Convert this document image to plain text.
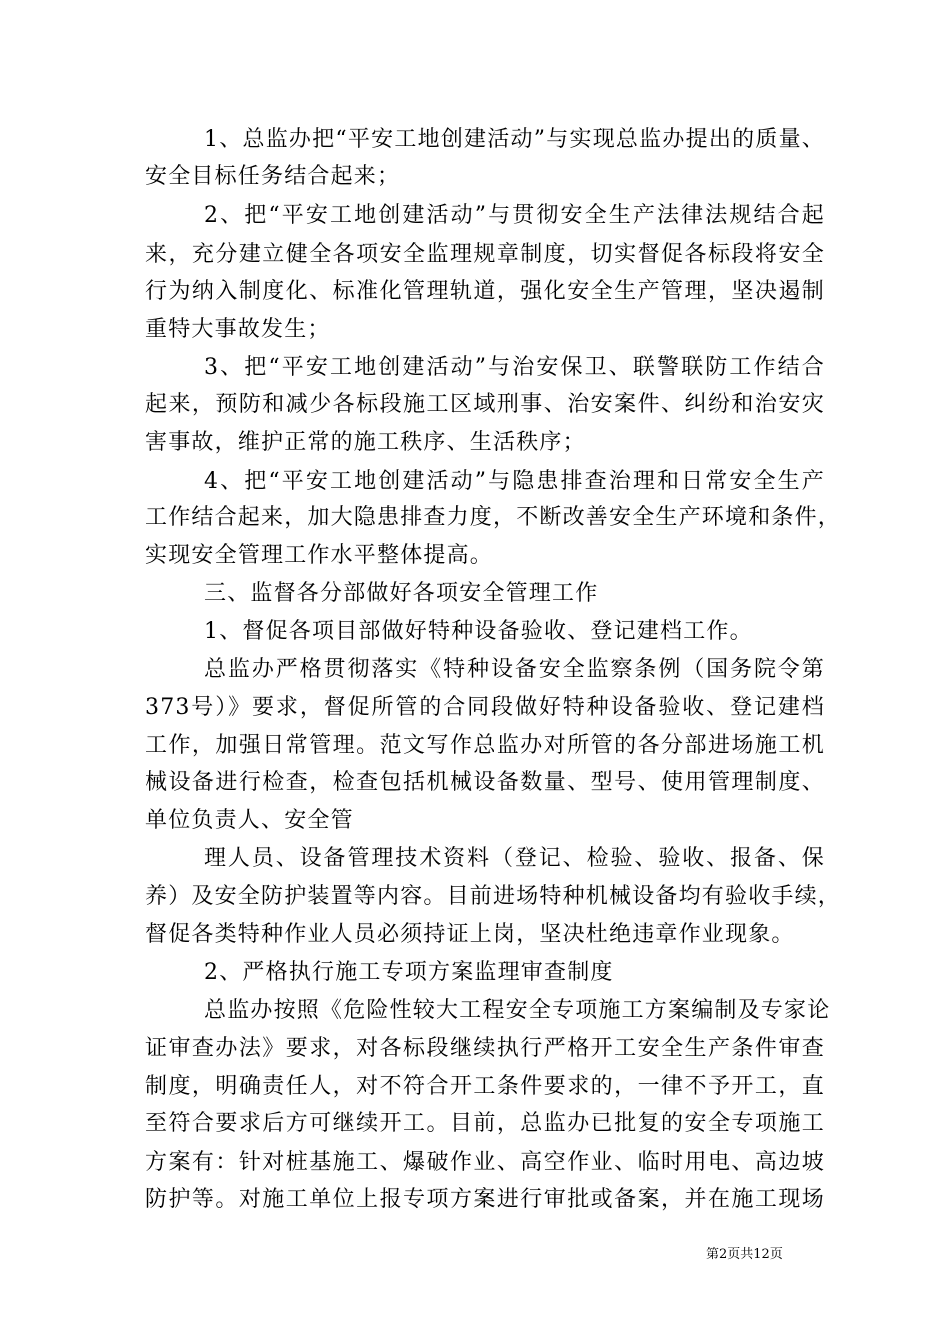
1、总监办把“平安工地创建活动”与实现总监办提出的质量、
安全目标任务结合起来；
2、把“平安工地创建活动”与贯彻安全生产法律法规结合起
来，充分建立健全各项安全监理规章制度，切实督促各标段将安全
行为纳入制度化、标准化管理轨道，强化安全生产管理，坚决遏制
重特大事故发生；
3、把“平安工地创建活动”与治安保卫、联警联防工作结合
起来，预防和减少各标段施工区域刑事、治安案件、纠纷和治安灾
害事故，维护正常的施工秩序、生活秩序；
4、把“平安工地创建活动”与隐患排查治理和日常安全生产
工作结合起来，加大隐患排查力度，不断改善安全生产环境和条件，
实现安全管理工作水平整体提高。
三、监督各分部做好各项安全管理工作
1、督促各项目部做好特种设备验收、登记建档工作。
总监办严格贯彻落实《特种设备安全监察条例（国务院令第
373号）》要求，督促所管的合同段做好特种设备验收、登记建档
工作，加强日常管理。范文写作总监办对所管的各分部进场施工机
械设备进行检查，检查包括机械设备数量、型号、使用管理制度、
单位负责人、安全管
理人员、设备管理技术资料（登记、检验、验收、报备、保
养）及安全防护装置等内容。目前进场特种机械设备均有验收手续，
督促各类特种作业人员必须持证上岗，坚决杜绝违章作业现象。
2、严格执行施工专项方案监理审查制度
总监办按照《危险性较大工程安全专项施工方案编制及专家论
证审查办法》要求，对各标段继续执行严格开工安全生产条件审查
制度，明确责任人，对不符合开工条件要求的，一律不予开工，直
至符合要求后方可继续开工。目前，总监办已批复的安全专项施工
方案有：针对桩基施工、爆破作业、高空作业、临时用电、高边坡
防护等。对施工单位上报专项方案进行审批或备案，并在施工现场
第2页共12页
